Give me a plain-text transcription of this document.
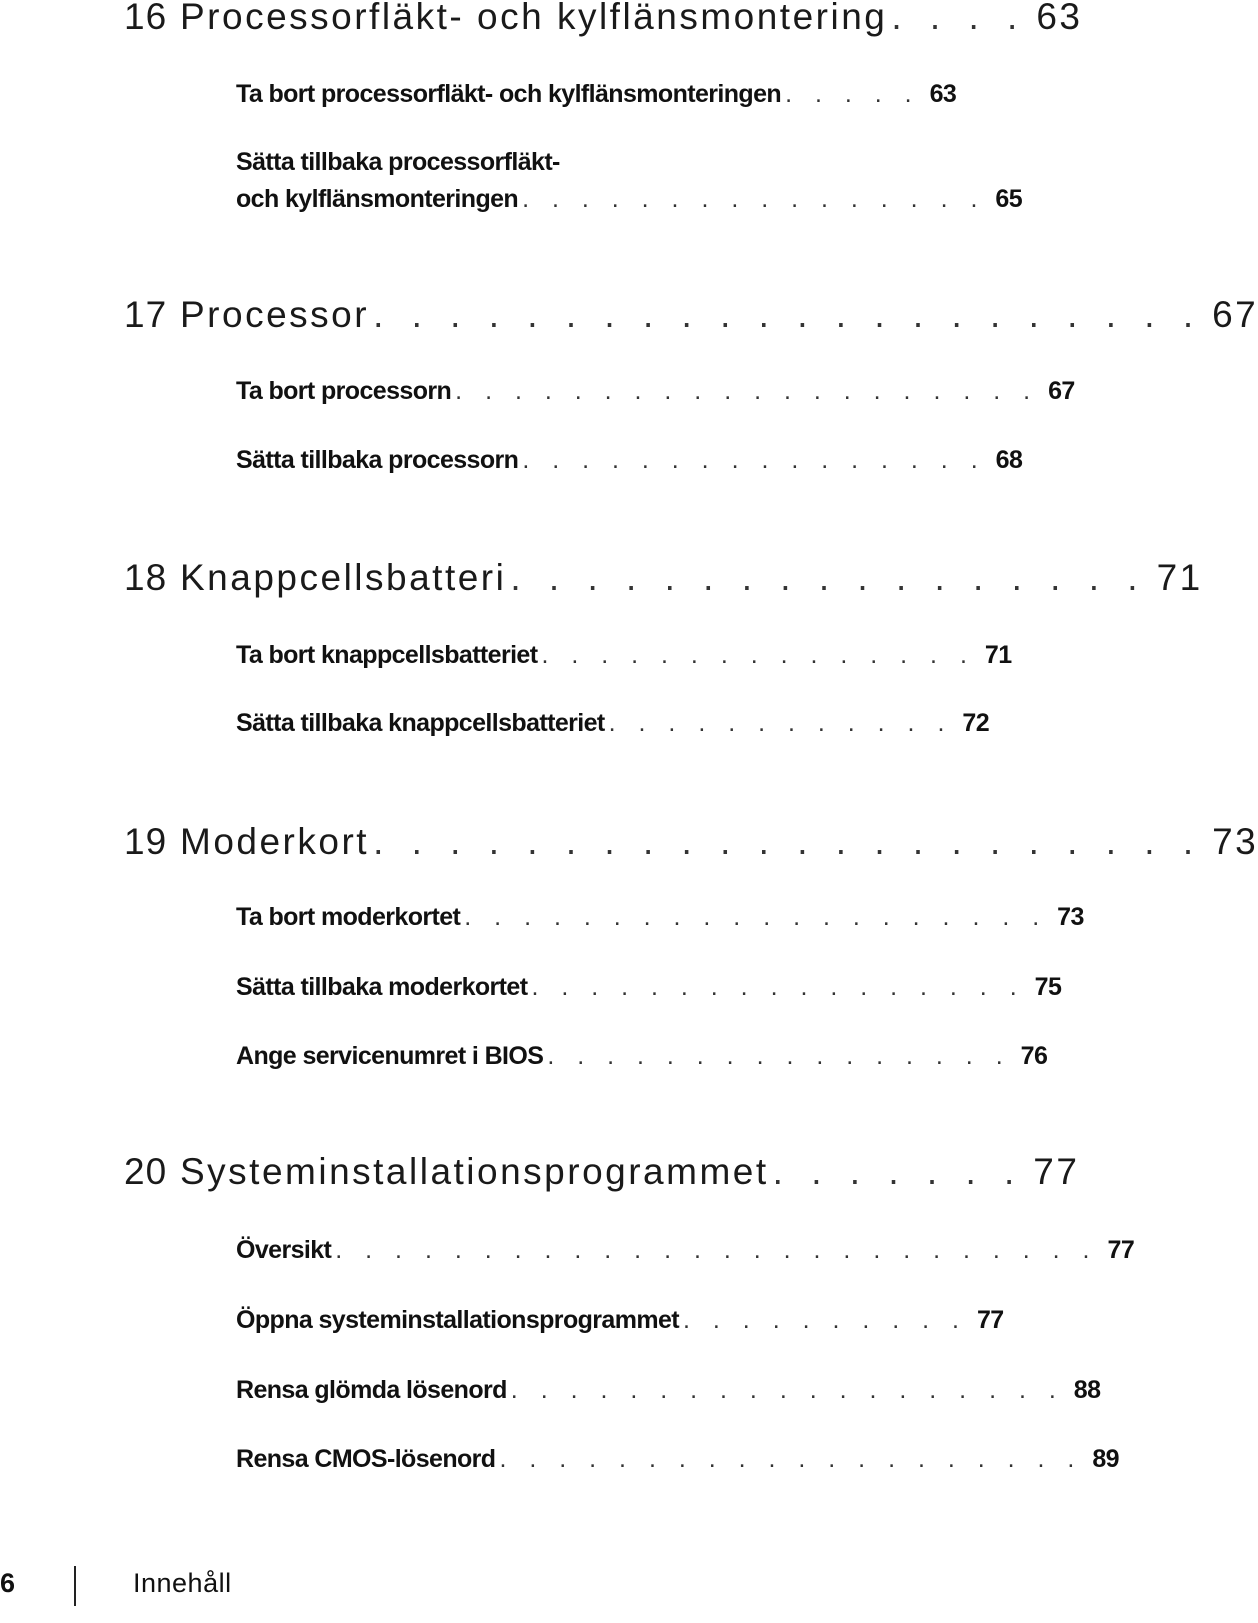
16 Processorfläkt- och kylflänsmontering . . . . 63
Ta bort processorfläkt- och kylflänsmonteringen . . . . . 63
Sätta tillbaka processorfläkt-
och kylflänsmonteringen . . . . . . . . . . . . . . . . 65
17 Processor . . . . . . . . . . . . . . . . . . . . . . 67
Ta bort processorn . . . . . . . . . . . . . . . . . . . . 67
Sätta tillbaka processorn . . . . . . . . . . . . . . . . 68
18 Knappcellsbatteri . . . . . . . . . . . . . . . . . 71
Ta bort knappcellsbatteriet . . . . . . . . . . . . . . . 71
Sätta tillbaka knappcellsbatteriet . . . . . . . . . . . . 72
19 Moderkort . . . . . . . . . . . . . . . . . . . . . . 73
Ta bort moderkortet . . . . . . . . . . . . . . . . . . . . 73
Sätta tillbaka moderkortet . . . . . . . . . . . . . . . . . 75
Ange servicenumret i BIOS . . . . . . . . . . . . . . . . 76
20 Systeminstallationsprogrammet . . . . . . . 77
Översikt . . . . . . . . . . . . . . . . . . . . . . . . . . 77
Öppna systeminstallationsprogrammet . . . . . . . . . . 77
Rensa glömda lösenord . . . . . . . . . . . . . . . . . . . 88
Rensa CMOS-lösenord . . . . . . . . . . . . . . . . . . . . 89
6	Innehåll
